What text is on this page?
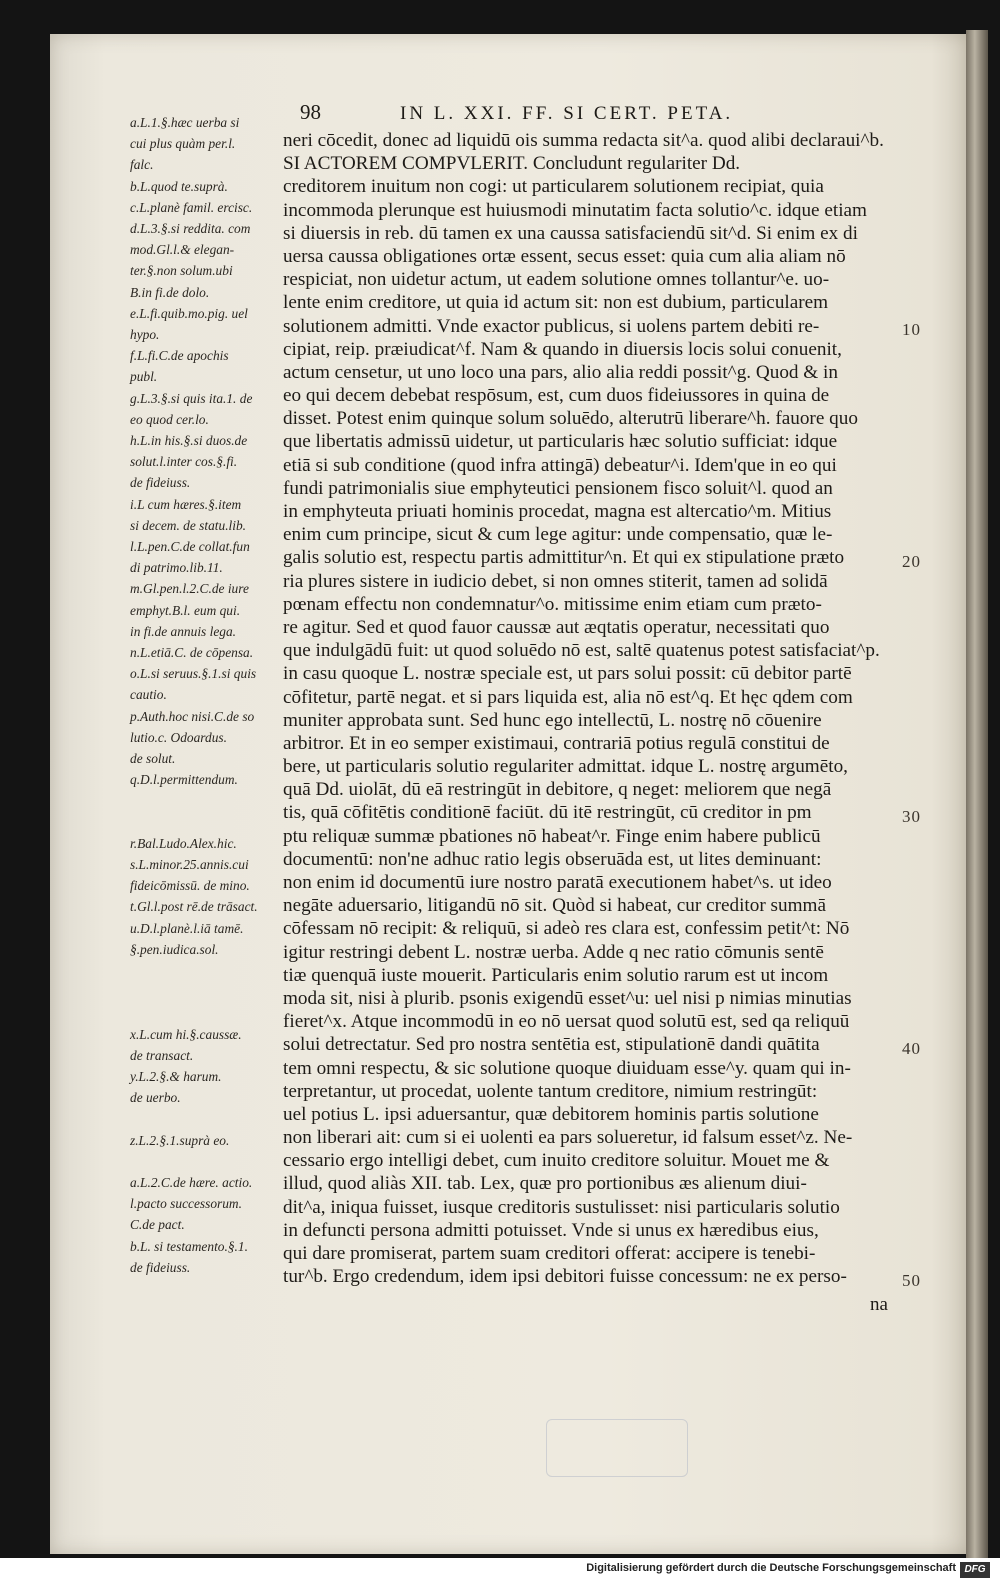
98	IN L. XXI. FF. SI CERT. PETA.
a.L.1.§.hæc uerba si
cui plus quàm per.l.
falc.
b.L.quod te.suprà.
c.L.planè famil. ercisc.
d.L.3.§.si reddita. com
mod.Gl.l.& elegan-
ter.§.non solum.ubi
B.in fi.de dolo.
e.L.fi.quib.mo.pig. uel
hypo.
f.L.fi.C.de apochis
publ.
g.L.3.§.si quis ita.1. de
eo quod cer.lo.
h.L.in his.§.si duos.de
solut.l.inter cos.§.fi.
de fideiuss.
i.L cum hæres.§.item
si decem. de statu.lib.
l.L.pen.C.de collat.fun
di patrimo.lib.11.
m.Gl.pen.l.2.C.de iure
emphyt.B.l. eum qui.
in fi.de annuis lega.
n.L.etiā.C. de cōpensa.
o.L.si seruus.§.1.si quis
cautio.
p.Auth.hoc nisi.C.de so
lutio.c. Odoardus.
de solut.
q.D.l.permittendum.
r.Bal.Ludo.Alex.hic.
s.L.minor.25.annis.cui
fideicōmissū. de mino.
t.Gl.l.post rē.de trāsact.
u.D.l.planè.l.iā tamē.
§.pen.iudica.sol.
x.L.cum hi.§.caussæ.
de transact.
y.L.2.§.& harum.
de uerbo.
z.L.2.§.1.suprà eo.
a.L.2.C.de hære. actio.
l.pacto successorum.
C.de pact.
b.L. si testamento.§.1.
de fideiuss.
neri cōcedit, donec ad liquidū ois summa redacta sit^a. quod alibi declaraui^b.
SI ACTOREM COMPVLERIT. Concludunt regulariter Dd.
creditorem inuitum non cogi: ut particularem solutionem recipiat, quia
incommoda plerunque est huiusmodi minutatim facta solutio^c. idque etiam
si diuersis in reb. dū tamen ex una caussa satisfaciendū sit^d. Si enim ex di
uersa caussa obligationes ortæ essent, secus esset: quia cum alia aliam nō
respiciat, non uidetur actum, ut eadem solutione omnes tollantur^e. uo-
lente enim creditore, ut quia id actum sit: non est dubium, particularem
solutionem admitti. Vnde exactor publicus, si uolens partem debiti re-
cipiat, reip. præiudicat^f. Nam & quando in diuersis locis solui conuenit,
actum censetur, ut uno loco una pars, alio alia reddi possit^g. Quod & in
eo qui decem debebat respōsum, est, cum duos fideiussores in quina de
disset. Potest enim quinque solum soluēdo, alterutrū liberare^h. fauore quo
que libertatis admissū uidetur, ut particularis hæc solutio sufficiat: idque
etiā si sub conditione (quod infra attingā) debeatur^i. Idem'que in eo qui
fundi patrimonialis siue emphyteutici pensionem fisco soluit^l. quod an
in emphyteuta priuati hominis procedat, magna est altercatio^m. Mitius
enim cum principe, sicut & cum lege agitur: unde compensatio, quæ le-
galis solutio est, respectu partis admittitur^n. Et qui ex stipulatione præto
ria plures sistere in iudicio debet, si non omnes stiterit, tamen ad solidā
pœnam effectu non condemnatur^o. mitissime enim etiam cum præto-
re agitur. Sed et quod fauor caussæ aut æqtatis operatur, necessitati quo
que indulgādū fuit: ut quod soluēdo nō est, saltē quatenus potest satisfaciat^p.
in casu quoque L. nostræ speciale est, ut pars solui possit: cū debitor partē
cōfitetur, partē negat. et si pars liquida est, alia nō est^q. Et hęc qdem com
muniter approbata sunt. Sed hunc ego intellectū, L. nostrę nō cōuenire
arbitror. Et in eo semper existimaui, contrariā potius regulā constitui de
bere, ut particularis solutio regulariter admittat. idque L. nostrę argumēto,
quā Dd. uiolāt, dū eā restringūt in debitore, q neget: meliorem que negā
tis, quā cōfitētis conditionē faciūt. dū itē restringūt, cū creditor in pm
ptu reliquæ summæ pbationes nō habeat^r. Finge enim habere publicū
documentū: non'ne adhuc ratio legis obseruāda est, ut lites deminuant:
non enim id documentū iure nostro paratā executionem habet^s. ut ideo
negāte aduersario, litigandū nō sit. Quòd si habeat, cur creditor summā
cōfessam nō recipit: & reliquū, si adeò res clara est, confessim petit^t: Nō
igitur restringi debent L. nostræ uerba. Adde q nec ratio cōmunis sentē
tiæ quenquā iuste mouerit. Particularis enim solutio rarum est ut incom
moda sit, nisi à plurib. psonis exigendū esset^u: uel nisi p nimias minutias
fieret^x. Atque incommodū in eo nō uersat quod solutū est, sed qa reliquū
solui detrectatur. Sed pro nostra sentētia est, stipulationē dandi quātita
tem omni respectu, & sic solutione quoque diuiduam esse^y. quam qui in-
terpretantur, ut procedat, uolente tantum creditore, nimium restringūt:
uel potius L. ipsi aduersantur, quæ debitorem hominis partis solutione
non liberari ait: cum si ei uolenti ea pars solueretur, id falsum esset^z. Ne-
cessario ergo intelligi debet, cum inuito creditore soluitur. Mouet me &
illud, quod aliàs XII. tab. Lex, quæ pro portionibus æs alienum diui-
dit^a, iniqua fuisset, iusque creditoris sustulisset: nisi particularis solutio
in defuncti persona admitti potuisset. Vnde si unus ex hæredibus eius,
qui dare promiserat, partem suam creditori offerat: accipere is tenebi-
tur^b. Ergo credendum, idem ipsi debitori fuisse concessum: ne ex perso-
10
20
30
40
50
na
Digitalisierung gefördert durch die Deutsche Forschungsgemeinschaft DFG
